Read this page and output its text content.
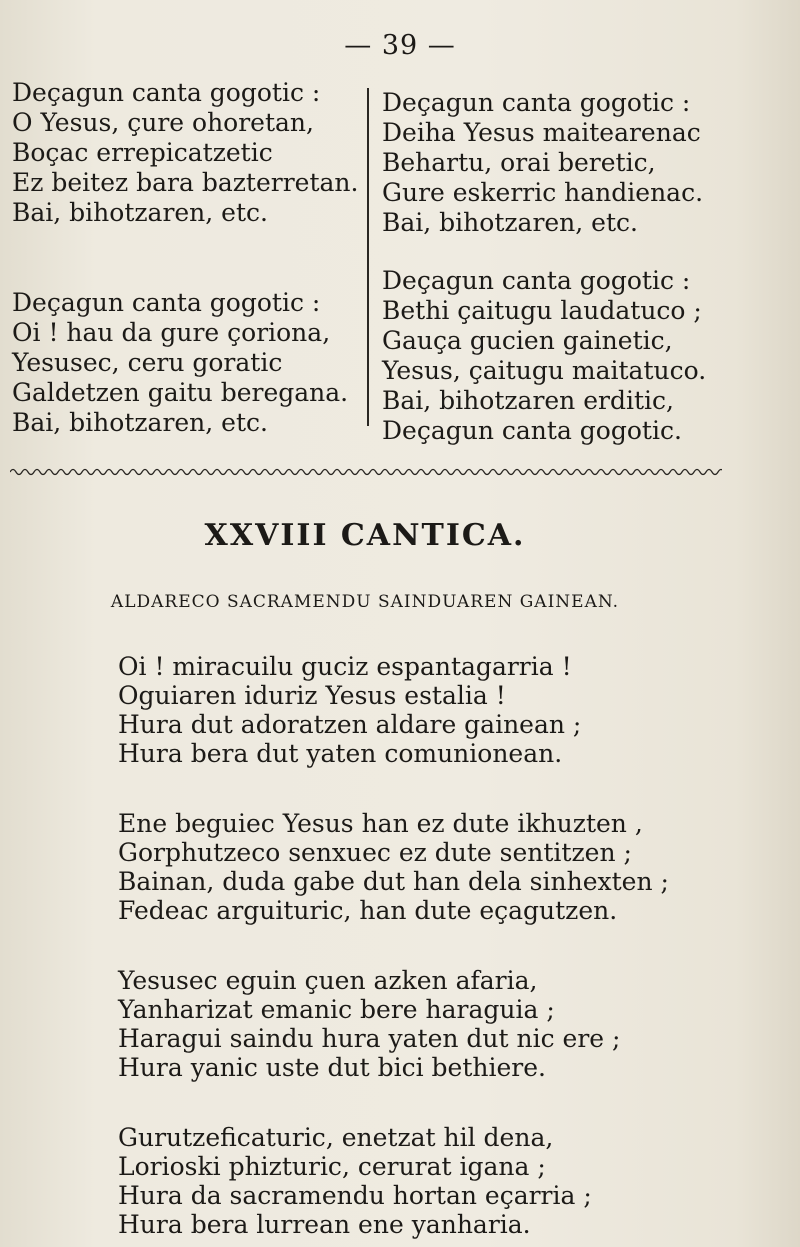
— 39 —
Deçagun canta gogotic :
O Yesus, çure ohoretan,
Boçac errepicatzetic
Ez beitez bara bazterretan.
Bai, bihotzaren, etc.
Deçagun canta gogotic :
Oi ! hau da gure çoriona,
Yesusec, ceru goratic
Galdetzen gaitu beregana.
Bai, bihotzaren, etc.
Deçagun canta gogotic :
Deiha Yesus maitearenac
Behartu, orai beretic,
Gure eskerric handienac.
Bai, bihotzaren, etc.
Deçagun canta gogotic :
Bethi çaitugu laudatuco ;
Gauça gucien gainetic,
Yesus, çaitugu maitatuco.
Bai, bihotzaren erditic,
Deçagun canta gogotic.
XXVIII CANTICA.
ALDARECO SACRAMENDU SAINDUAREN GAINEAN.
Oi ! miracuilu guciz espantagarria !
Oguiaren iduriz Yesus estalia !
Hura dut adoratzen aldare gainean ;
Hura bera dut yaten comunionean.
Ene beguiec Yesus han ez dute ikhuzten ,
Gorphutzeco senxuec ez dute sentitzen ;
Bainan, duda gabe dut han dela sinhexten ;
Fedeac arguituric, han dute eçagutzen.
Yesusec eguin çuen azken afaria,
Yanharizat emanic bere haraguia ;
Haragui saindu hura yaten dut nic ere ;
Hura yanic uste dut bici bethiere.
Gurutzeficaturic, enetzat hil dena,
Lorioski phizturic, cerurat igana ;
Hura da sacramendu hortan eçarria ;
Hura bera lurrean ene yanharia.
